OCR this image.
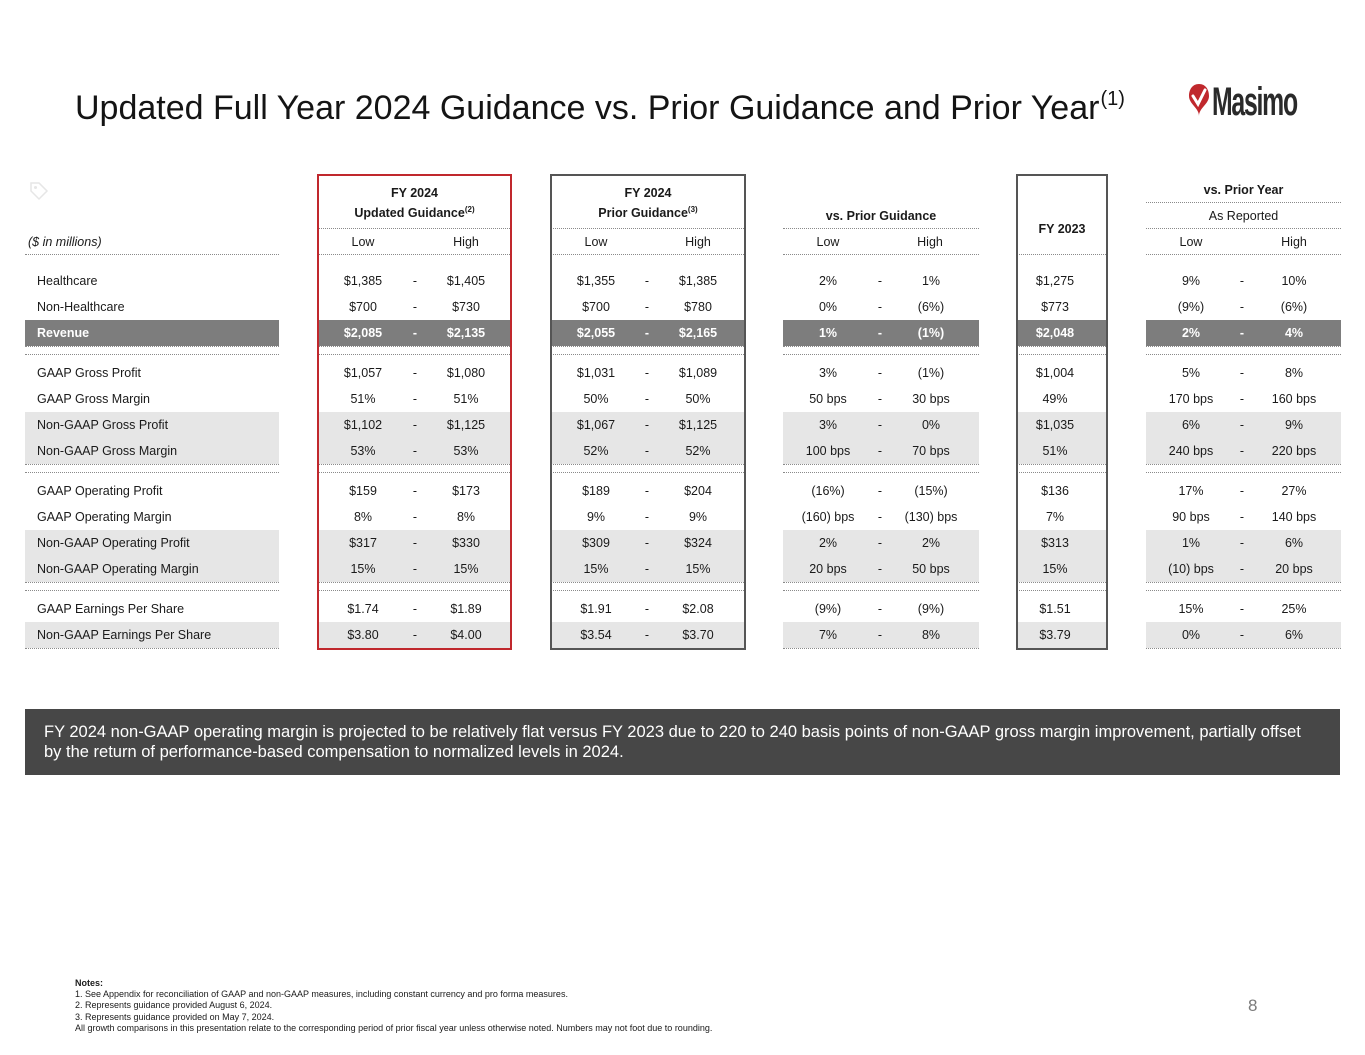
Updated Full Year 2024 Guidance vs. Prior Guidance and Prior Year$^{(1)}$ Masimo
FY 2024
Updated Guidance$^{(2)}$
FY 2024
Prior Guidance$^{(3)}$	vs. Prior Guidance
FY 2023
vs. Prior Year
As Reported
($ in millions)	Low	High	Low	High	Low	High	Low	High
Healthcare	$1,385	-	$1,405	$1,355	-	$1,385	2%	-	1%	$1,275	9%	-	10%
Non-Healthcare	$700	-	$730	$700	-	$780	0%	-	(6%)	$773	(9%)	-	(6%)
Revenue	$2,085	-	$2,135	$2,055	-	$2,165	1%	-	(1%)	$2,048	2%	-	4%
GAAP Gross Profit	$1,057	-	$1,080	$1,031	-	$1,089	3%	-	(1%)	$1,004	5%	-	8%
GAAP Gross Margin	51%	-	51%	50%	-	50%	50 bps	-	30 bps	49%	170 bps	-	160 bps
Non-GAAP Gross Profit	$1,102	-	$1,125	$1,067	-	$1,125	3%	-	0%	$1,035	6%	-	9%
Non-GAAP Gross Margin	53%	-	53%	52%	-	52%	100 bps	-	70 bps	51%	240 bps	-	220 bps
GAAP Operating Profit	$159	-	$173	$189	-	$204	(16%)	-	(15%)	$136	17%	-	27%
GAAP Operating Margin	8%	-	8%	9%	-	9%	(160) bps	-	(130) bps	7%	90 bps	-	140 bps
Non-GAAP Operating Profit	$317	-	$330	$309	-	$324	2%	-	2%	$313	1%	-	6%
Non-GAAP Operating Margin	15%	-	15%	15%	-	15%	20 bps	-	50 bps	15%	(10) bps	-	20 bps
GAAP Earnings Per Share	$1.74	-	$1.89	$1.91	-	$2.08	(9%)	-	(9%)	$1.51	15%	-	25%
Non-GAAP Earnings Per Share	$3.80	-	$4.00	$3.54	-	$3.70	7%	-	8%	$3.79	0%	-	6%
FY 2024 non-GAAP operating margin is projected to be relatively flat versus FY 2023 due to 220 to 240 basis points of non-GAAP gross margin improvement, partially offset by the return of performance-based compensation to normalized levels in 2024.
Notes:
1. See Appendix for reconciliation of GAAP and non-GAAP measures, including constant currency and pro forma measures.
2. Represents guidance provided August 6, 2024.
3. Represents guidance provided on May 7, 2024.
All growth comparisons in this presentation relate to the corresponding period of prior fiscal year unless otherwise noted. Numbers may not foot due to rounding.
8
